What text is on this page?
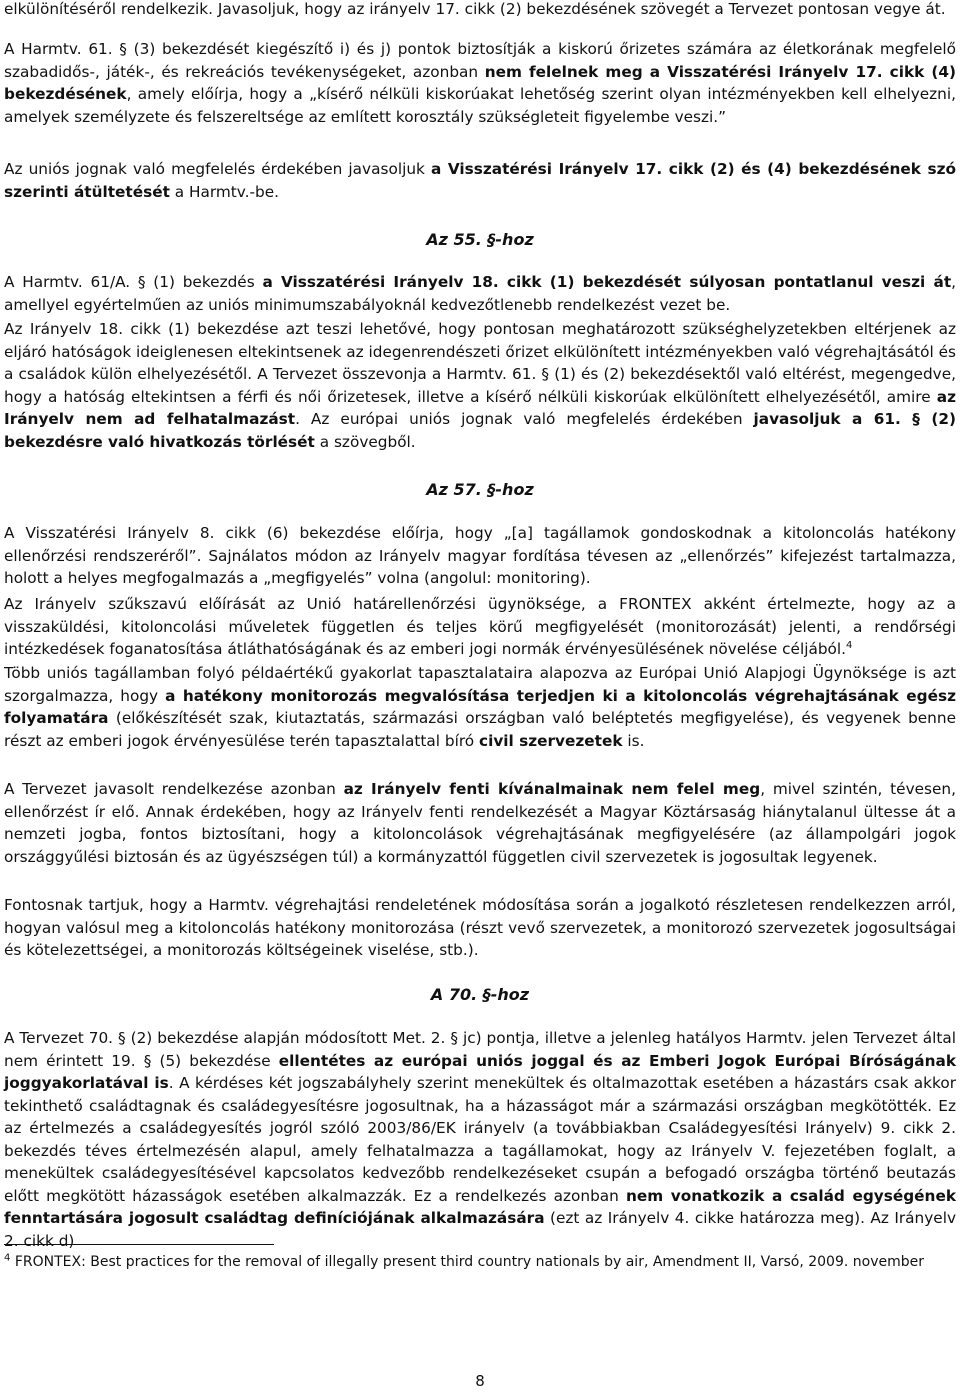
elkülönítéséről rendelkezik. Javasoljuk, hogy az irányelv 17. cikk (2) bekezdésének szövegét a Tervezet pontosan vegye át.

A Harmtv. 61. § (3) bekezdését kiegészítő i) és j) pontok biztosítják a kiskorú őrizetes számára az életkorának megfelelő szabadidős-, játék-, és rekreációs tevékenységeket, azonban nem felelnek meg a Visszatérési Irányelv 17. cikk (4) bekezdésének, amely előírja, hogy a „kísérő nélküli kiskorúakat lehetőség szerint olyan intézményekben kell elhelyezni, amelyek személyzete és felszereltsége az említett korosztály szükségleteit figyelembe veszi.”

Az uniós jognak való megfelelés érdekében javasoljuk a Visszatérési Irányelv 17. cikk (2) és (4) bekezdésének szó szerinti átültetését a Harmtv.-be.

Az 55. §-hoz

A Harmtv. 61/A. § (1) bekezdés a Visszatérési Irányelv 18. cikk (1) bekezdését súlyosan pontatlanul veszi át, amellyel egyértelműen az uniós minimumszabályoknál kedvezőtlenebb rendelkezést vezet be.

Az Irányelv 18. cikk (1) bekezdése azt teszi lehetővé, hogy pontosan meghatározott szükséghelyzetekben eltérjenek az eljáró hatóságok ideiglenesen eltekintsenek az idegenrendészeti őrizet elkülönített intézményekben való végrehajtásától és a családok külön elhelyezésétől. A Tervezet összevonja a Harmtv. 61. § (1) és (2) bekezdésektől való eltérést, megengedve, hogy a hatóság eltekintsen a férfi és női őrizetesek, illetve a kísérő nélküli kiskorúak elkülönített elhelyezésétől, amire az Irányelv nem ad felhatalmazást. Az európai uniós jognak való megfelelés érdekében javasoljuk a 61. § (2) bekezdésre való hivatkozás törlését a szövegből.

Az 57. §-hoz

A Visszatérési Irányelv 8. cikk (6) bekezdése előírja, hogy „[a] tagállamok gondoskodnak a kitoloncolás hatékony ellenőrzési rendszeréről”. Sajnálatos módon az Irányelv magyar fordítása tévesen az „ellenőrzés” kifejezést tartalmazza, holott a helyes megfogalmazás a „megfigyelés” volna (angolul: monitoring).

Az Irányelv szűkszavú előírását az Unió határellenőrzési ügynöksége, a FRONTEX akként értelmezte, hogy az a visszaküldési, kitoloncolási műveletek független és teljes körű megfigyelését (monitorozását) jelenti, a rendőrségi intézkedések foganatosítása átláthatóságának és az emberi jogi normák érvényesülésének növelése céljából.$^4$

Több uniós tagállamban folyó példaértékű gyakorlat tapasztalataira alapozva az Európai Unió Alapjogi Ügynöksége is azt szorgalmazza, hogy a hatékony monitorozás megvalósítása terjedjen ki a kitoloncolás végrehajtásának egész folyamatára (előkészítését szak, kiutaztatás, származási országban való beléptetés megfigyelése), és vegyenek benne részt az emberi jogok érvényesülése terén tapasztalattal bíró civil szervezetek is.

A Tervezet javasolt rendelkezése azonban az Irányelv fenti kívánalmainak nem felel meg, mivel szintén, tévesen, ellenőrzést ír elő. Annak érdekében, hogy az Irányelv fenti rendelkezését a Magyar Köztársaság hiánytalanul ültesse át a nemzeti jogba, fontos biztosítani, hogy a kitoloncolások végrehajtásának megfigyelésére (az állampolgári jogok országgyűlési biztosán és az ügyészségen túl) a kormányzattól független civil szervezetek is jogosultak legyenek.

Fontosnak tartjuk, hogy a Harmtv. végrehajtási rendeletének módosítása során a jogalkotó részletesen rendelkezzen arról, hogyan valósul meg a kitoloncolás hatékony monitorozása (részt vevő szervezetek, a monitorozó szervezetek jogosultságai és kötelezettségei, a monitorozás költségeinek viselése, stb.).

A 70. §-hoz

A Tervezet 70. § (2) bekezdése alapján módosított Met. 2. § jc) pontja, illetve a jelenleg hatályos Harmtv. jelen Tervezet által nem érintett 19. § (5) bekezdése ellentétes az európai uniós joggal és az Emberi Jogok Európai Bíróságának joggyakorlatával is. A kérdéses két jogszabályhely szerint menekültek és oltalmazottak esetében a házastárs csak akkor tekinthető családtagnak és családegyesítésre jogosultnak, ha a házasságot már a származási országban megkötötték. Ez az értelmezés a családegyesítés jogról szóló 2003/86/EK irányelv (a továbbiakban Családegyesítési Irányelv) 9. cikk 2. bekezdés téves értelmezésén alapul, amely felhatalmazza a tagállamokat, hogy az Irányelv V. fejezetében foglalt, a menekültek családegyesítésével kapcsolatos kedvezőbb rendelkezéseket csupán a befogadó országba történő beutazás előtt megkötött házasságok esetében alkalmazzák. Ez a rendelkezés azonban nem vonatkozik a család egységének fenntartására jogosult családtag definíciójának alkalmazására (ezt az Irányelv 4. cikke határozza meg). Az Irányelv 2. cikk d)

$^4$ FRONTEX: Best practices for the removal of illegally present third country nationals by air, Amendment II, Varsó, 2009. november
8
